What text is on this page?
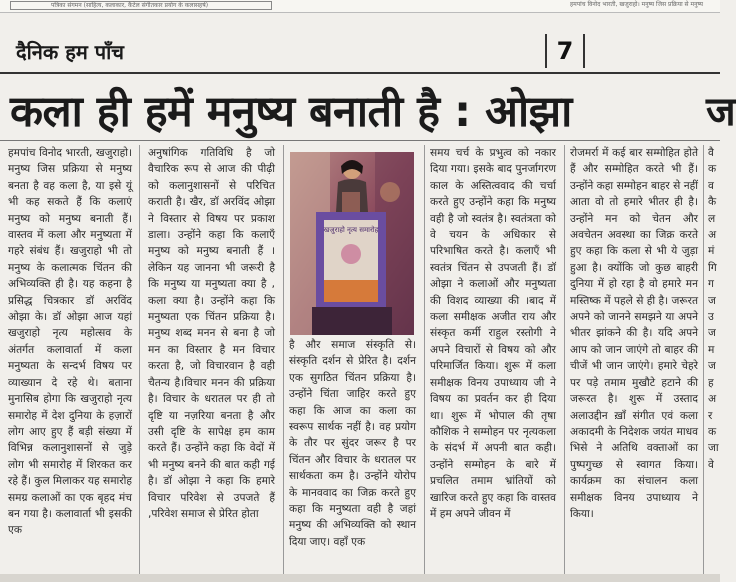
पत्रिका संगमन (साहित्य, कलाकार, कैटेल संगीतकार प्रयोग के कलासहर्ष)	हमपांच विनोद भारती, खजुराहो। मनुष्य जिस प्रक्रिया से मनुष्य
दैनिक हम पाँच	7
कला ही हमें मनुष्य बनाती है : ओझा	ज

हमपांच विनोद भारती, खजुराहो। मनुष्य जिस प्रक्रिया से मनुष्य बनता है वह कला है, या इसे यूं भी कह सकते हैं कि कलाएं मनुष्य को मनुष्य बनाती हैं।वास्तव में कला और मनुष्यता में गहरे संबंध हैं। खजुराहो भी तो मनुष्य के कलात्मक चिंतन की अभिव्यक्ति ही है। यह कहना है प्रसिद्ध चित्रकार डॉ अरविंद ओझा के। डॉ ओझा आज यहां खजुराहो नृत्य महोत्सव के अंतर्गत कलावार्ता में कला मनुष्यता के सन्दर्भ विषय पर व्याख्यान दे रहे थे। बताना मुनासिब होगा कि खजुराहो नृत्य समारोह में देश दुनिया के हज़ारों लोग आए हुए हैं बड़ी संख्या में विभिन्न कलानुशासनों से जुड़े लोग भी समारोह में शिरकत कर रहे हैं। कुल मिलाकर यह समारोह समग्र कलाओं का एक बृहद मंच बन गया है। कलावार्ता भी इसकी एक

अनुषांगिक गतिविधि है जो वैचारिक रूप से आज की पीढ़ी को कलानुशासनों से परिचित कराती है। खैर, डॉ अरविंद ओझा ने विस्तार से विषय पर प्रकाश डाला। उन्होंने कहा कि कलाएँ मनुष्य को मनुष्य बनाती हैं । लेकिन यह जानना भी जरूरी है कि मनुष्य या मनुष्यता क्या है , कला क्या है। उन्होंने कहा कि मनुष्यता एक चिंतन प्रक्रिया है। मनुष्य शब्द मनन से बना है जो मन का विस्तार है मन विचार करता है, जो विचारवान है वही चैतन्य है।विचार मनन की प्रक्रिया है। विचार के धरातल पर ही तो दृष्टि या नज़रिया बनता है और उसी दृष्टि के सापेक्ष हम काम करते हैं। उन्होंने कहा कि वेदों में भी मनुष्य बनने की बात कही गई है। डॉ ओझा ने कहा कि हमारे विचार परिवेश से उपजते हैं ,परिवेश समाज से प्रेरित होता

खजुराहो नृत्य समारोह

है और समाज संस्कृति से। संस्कृति दर्शन से प्रेरित है। दर्शन एक सुगठित चिंतन प्रक्रिया है। उन्होंने चिंता जाहिर करते हुए कहा कि आज का कला का स्वरूप सार्थक नहीं है। वह प्रयोग के तौर पर सुंदर जरूर है पर चिंतन और विचार के धरातल पर सार्थकता कम है। उन्होंने योरोप के मानववाद का जिक्र करते हुए कहा कि मनुष्यता वही है जहां मनुष्य की अभिव्यक्ति को स्थान दिया जाए। वहाँ एक

समय चर्च के प्रभुत्व को नकार दिया गया। इसके बाद पुनर्जागरण काल के अस्तित्ववाद की चर्चा करते हुए उन्होंने कहा कि मनुष्य वही है जो स्वतंत्र है। स्वतंत्रता को वे चयन के अधिकार से परिभाषित करते है। कलाएँ भी स्वतंत्र चिंतन से उपजती हैं। डॉ ओझा ने कलाओं और मनुष्यता की विशद व्याख्या की ।बाद में कला समीक्षक अजीत राय और संस्कृत कर्मी राहुल रस्तोगी ने अपने विचारों से विषय को और परिमार्जित किया। शुरू में कला समीक्षक विनय उपाध्याय जी ने विषय का प्रवर्तन कर ही दिया था। शुरू में भोपाल की तृषा कौशिक ने सम्मोहन पर नृत्यकला के संदर्भ में अपनी बात कही। उन्होंने सम्मोहन के बारे में प्रचलित तमाम भ्रांतियों को खारिज करते हुए कहा कि वास्तव में हम अपने जीवन में

रोजमर्रा में कई बार सम्मोहित होते हैं और सम्मोहित करते भी हैं। उन्होंने कहा सम्मोहन बाहर से नहीं आता वो तो हमारे भीतर ही है। उन्होंने मन को चेतन और अवचेतन अवस्था का जिक्र करते हुए कहा कि कला से भी ये जुड़ा हुआ है। क्योंकि जो कुछ बाहरी दुनिया में हो रहा है वो हमारे मन मस्तिष्क में पहले से ही है। जरूरत अपने को जानने समझने या अपने भीतर झांकने की है। यदि अपने आप को जान जाएंगे तो बाहर की चीजें भी जान जाएंगे। हमारे चेहरे पर पड़े तमाम मुखौटे हटाने की जरूरत है। शुरू में उस्ताद अलाउद्दीन ख़ाँ संगीत एवं कला अकादमी के निदेशक जयंत माधव भिसे ने अतिथि वक्ताओं का पुष्पगुच्छ से स्वागत किया।कार्यक्रम का संचालन कला समीक्षक विनय उपाध्याय ने किया।

वै क व कै ल अ मं गि ग ज उ ज म ज ह अ र क जा वे
